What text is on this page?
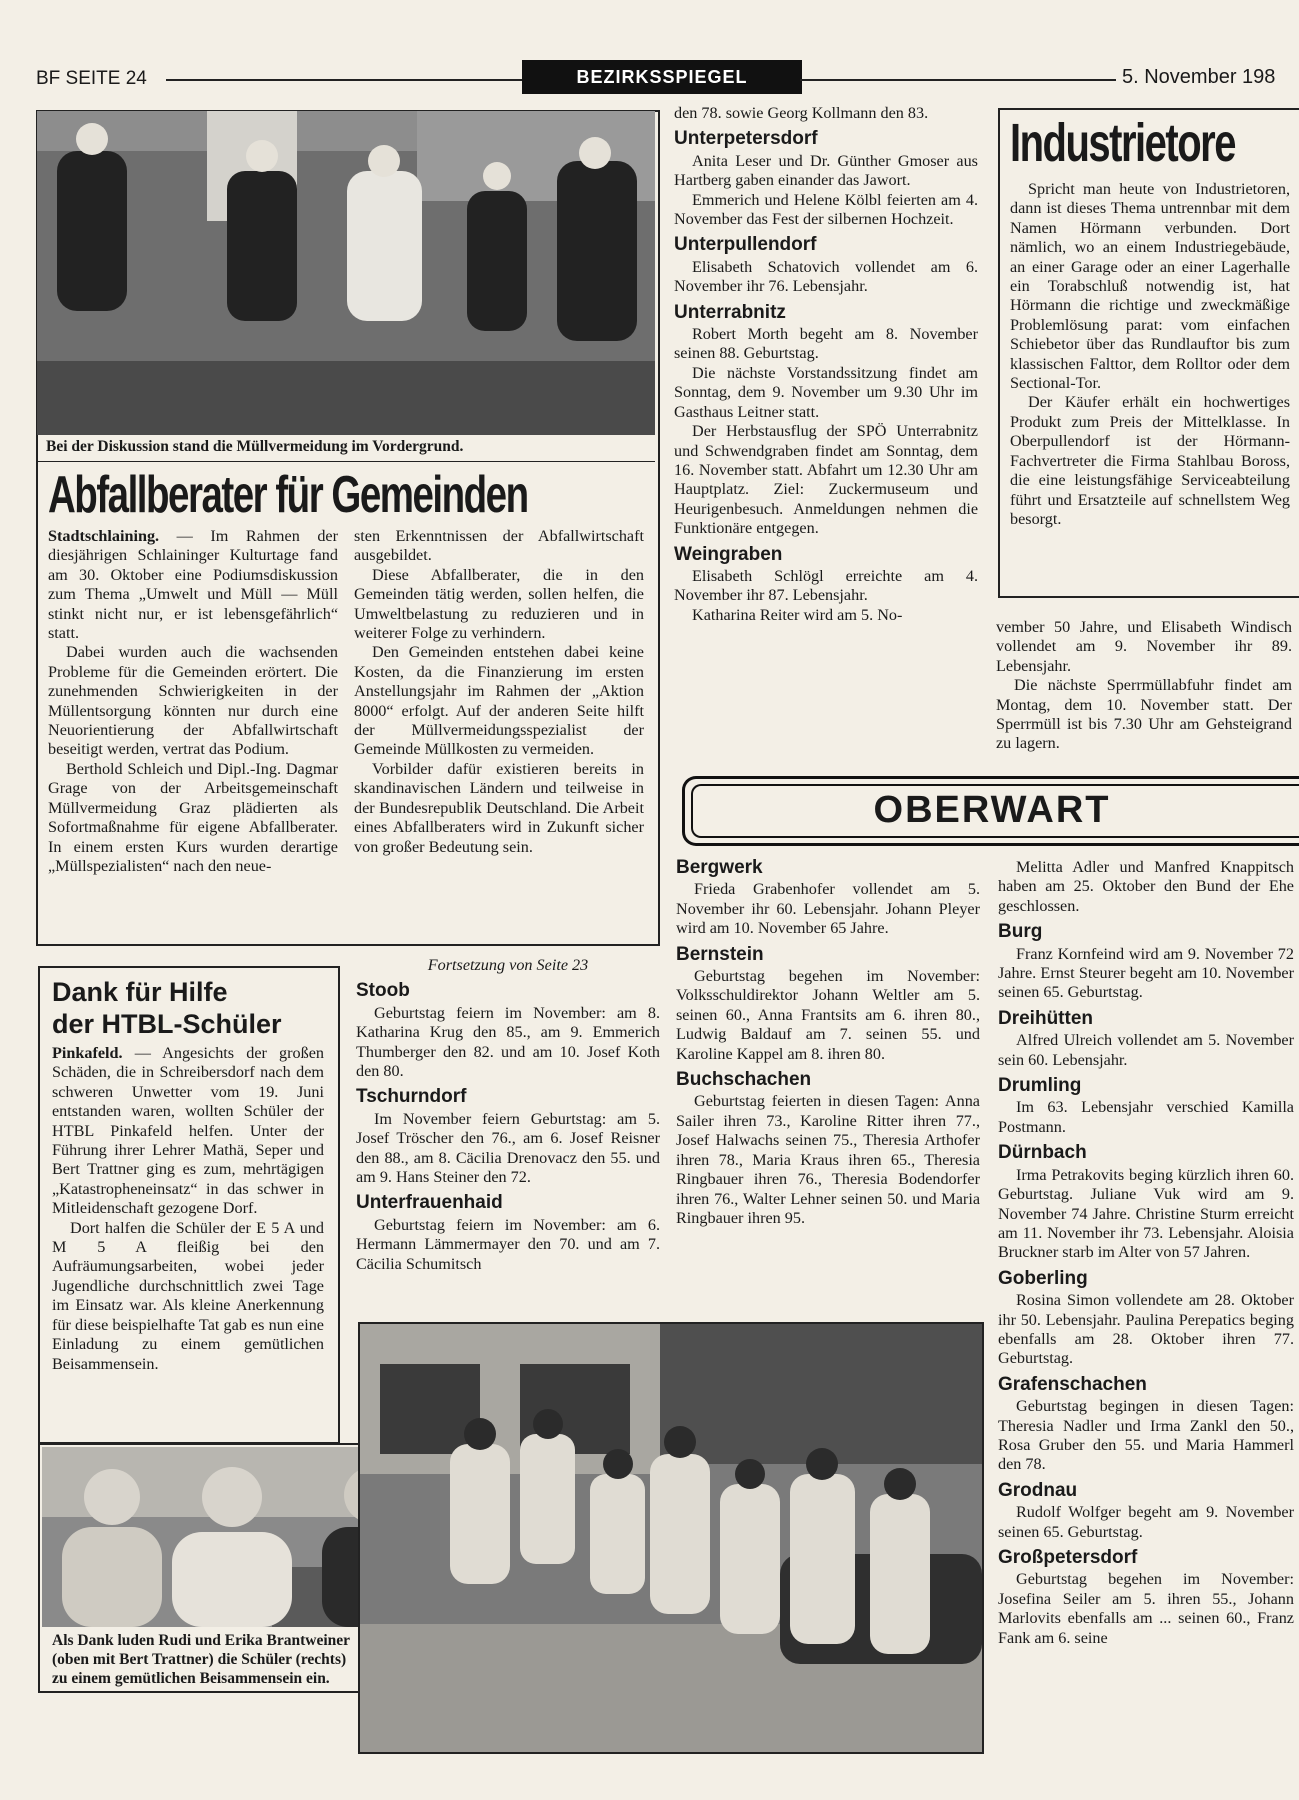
BF SEITE 24	BEZIRKSSPIEGEL	5. November 198
Bei der Diskussion stand die Müllvermeidung im Vordergrund.
Abfallberater für Gemeinden

Stadtschlaining. — Im Rahmen der diesjährigen Schlaininger Kulturtage fand am 30. Oktober eine Podiumsdiskussion zum Thema „Umwelt und Müll — Müll stinkt nicht nur, er ist lebensgefährlich“ statt.

Dabei wurden auch die wachsenden Probleme für die Gemeinden erörtert. Die zunehmenden Schwierigkeiten in der Müllentsorgung könnten nur durch eine Neuorientierung der Abfallwirtschaft beseitigt werden, vertrat das Podium.

Berthold Schleich und Dipl.-Ing. Dagmar Grage von der Arbeitsgemeinschaft Müllvermeidung Graz plädierten als Sofortmaßnahme für eigene Abfallberater. In einem ersten Kurs wurden derartige „Müllspezialisten“ nach den neue-

sten Erkenntnissen der Abfallwirtschaft ausgebildet.

Diese Abfallberater, die in den Gemeinden tätig werden, sollen helfen, die Umweltbelastung zu reduzieren und in weiterer Folge zu verhindern.

Den Gemeinden entstehen dabei keine Kosten, da die Finanzierung im ersten Anstellungsjahr im Rahmen der „Aktion 8000“ erfolgt. Auf der anderen Seite hilft der Müllvermeidungsspezialist der Gemeinde Müllkosten zu vermeiden.

Vorbilder dafür existieren bereits in skandinavischen Ländern und teilweise in der Bundesrepublik Deutschland. Die Arbeit eines Abfallberaters wird in Zukunft sicher von großer Bedeutung sein.

den 78. sowie Georg Kollmann den 83.

Unterpetersdorf

Anita Leser und Dr. Günther Gmoser aus Hartberg gaben einander das Jawort.

Emmerich und Helene Kölbl feierten am 4. November das Fest der silbernen Hochzeit.

Unterpullendorf

Elisabeth Schatovich vollendet am 6. November ihr 76. Lebensjahr.

Unterrabnitz

Robert Morth begeht am 8. November seinen 88. Geburtstag.

Die nächste Vorstandssitzung findet am Sonntag, dem 9. November um 9.30 Uhr im Gasthaus Leitner statt.

Der Herbstausflug der SPÖ Unterrabnitz und Schwendgraben findet am Sonntag, dem 16. November statt. Abfahrt um 12.30 Uhr am Hauptplatz. Ziel: Zuckermuseum und Heurigenbesuch. Anmeldungen nehmen die Funktionäre entgegen.

Weingraben

Elisabeth Schlögl erreichte am 4. November ihr 87. Lebensjahr.

Katharina Reiter wird am 5. No-

Industrietore

Spricht man heute von Industrietoren, dann ist dieses Thema untrennbar mit dem Namen Hörmann verbunden. Dort nämlich, wo an einem Industriegebäude, an einer Garage oder an einer Lagerhalle ein Torabschluß notwendig ist, hat Hörmann die richtige und zweckmäßige Problemlösung parat: vom einfachen Schiebetor über das Rundlauftor bis zum klassischen Falttor, dem Rolltor oder dem Sectional-Tor.

Der Käufer erhält ein hochwertiges Produkt zum Preis der Mittelklasse. In Oberpullendorf ist der Hörmann-Fachvertreter die Firma Stahlbau Boross, die eine leistungsfähige Serviceabteilung führt und Ersatzteile auf schnellstem Weg besorgt.

vember 50 Jahre, und Elisabeth Windisch vollendet am 9. November ihr 89. Lebensjahr.

Die nächste Sperrmüllabfuhr findet am Montag, dem 10. November statt. Der Sperrmüll ist bis 7.30 Uhr am Gehsteigrand zu lagern.

OBERWART
Dank für Hilfe
der HTBL-Schüler

Pinkafeld. — Angesichts der großen Schäden, die in Schreibersdorf nach dem schweren Unwetter vom 19. Juni entstanden waren, wollten Schüler der HTBL Pinkafeld helfen. Unter der Führung ihrer Lehrer Mathä, Seper und Bert Trattner ging es zum, mehrtägigen „Katastropheneinsatz“ in das schwer in Mitleidenschaft gezogene Dorf.

Dort halfen die Schüler der E 5 A und M 5 A fleißig bei den Aufräumungsarbeiten, wobei jeder Jugendliche durchschnittlich zwei Tage im Einsatz war. Als kleine Anerkennung für diese beispielhafte Tat gab es nun eine Einladung zu einem gemütlichen Beisammensein.

Als Dank luden Rudi und Erika Brantweiner (oben mit Bert Trattner) die Schüler (rechts) zu einem gemütlichen Beisammensein ein.
Fortsetzung von Seite 23
Stoob

Geburtstag feiern im November: am 8. Katharina Krug den 85., am 9. Emmerich Thumberger den 82. und am 10. Josef Koth den 80.

Tschurndorf

Im November feiern Geburtstag: am 5. Josef Tröscher den 76., am 6. Josef Reisner den 88., am 8. Cäcilia Drenovacz den 55. und am 9. Hans Steiner den 72.

Unterfrauenhaid

Geburtstag feiern im November: am 6. Hermann Lämmermayer den 70. und am 7. Cäcilia Schumitsch

Bergwerk

Frieda Grabenhofer vollendet am 5. November ihr 60. Lebensjahr. Johann Pleyer wird am 10. November 65 Jahre.

Bernstein

Geburtstag begehen im November: Volksschuldirektor Johann Weltler am 5. seinen 60., Anna Frantsits am 6. ihren 80., Ludwig Baldauf am 7. seinen 55. und Karoline Kappel am 8. ihren 80.

Buchschachen

Geburtstag feierten in diesen Tagen: Anna Sailer ihren 73., Karoline Ritter ihren 77., Josef Halwachs seinen 75., Theresia Arthofer ihren 78., Maria Kraus ihren 65., Theresia Ringbauer ihren 76., Theresia Bodendorfer ihren 76., Walter Lehner seinen 50. und Maria Ringbauer ihren 95.

Melitta Adler und Manfred Knappitsch haben am 25. Oktober den Bund der Ehe geschlossen.

Burg

Franz Kornfeind wird am 9. November 72 Jahre. Ernst Steurer begeht am 10. November seinen 65. Geburtstag.

Dreihütten

Alfred Ulreich vollendet am 5. November sein 60. Lebensjahr.

Drumling

Im 63. Lebensjahr verschied Kamilla Postmann.

Dürnbach

Irma Petrakovits beging kürzlich ihren 60. Geburtstag. Juliane Vuk wird am 9. November 74 Jahre. Christine Sturm erreicht am 11. November ihr 73. Lebensjahr. Aloisia Bruckner starb im Alter von 57 Jahren.

Goberling

Rosina Simon vollendete am 28. Oktober ihr 50. Lebensjahr. Paulina Perepatics beging ebenfalls am 28. Oktober ihren 77. Geburtstag.

Grafenschachen

Geburtstag begingen in diesen Tagen: Theresia Nadler und Irma Zankl den 50., Rosa Gruber den 55. und Maria Hammerl den 78.

Grodnau

Rudolf Wolfger begeht am 9. November seinen 65. Geburtstag.

Großpetersdorf

Geburtstag begehen im November: Josefina Seiler am 5. ihren 55., Johann Marlovits ebenfalls am ... seinen 60., Franz Fank am 6. seine
